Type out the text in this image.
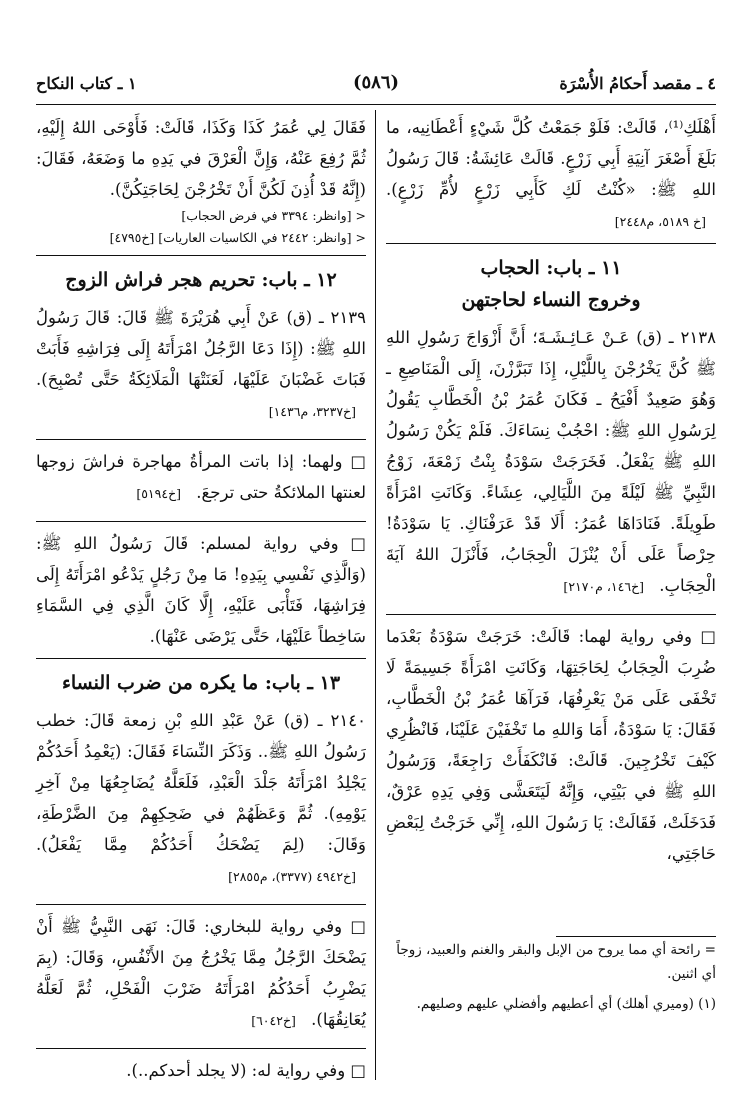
٤ ـ مقصد أَحكامُ الأُسْرَة
(٥٨٦)
١ ـ كتاب النكاح

أَهْلَكِ⁽¹⁾، قَالَتْ: فَلَوْ جَمَعْتُ كُلَّ شَيْءٍ أَعْطَانِيه، ما بَلَغَ أَصْغَرَ آنِيَةِ أَبِي زَرْعٍ. قَالَتْ عَائِشَةُ: قَالَ رَسُولُ اللهِ ﷺ: «كُنْتُ لَكِ كَأَبِي زَرْعٍ لأُمِّ زَرْعٍ). [خ ٥١٨٩، م٢٤٤٨]

١١ ـ باب: الحجاب
وخروج النساء لحاجتهن

٢١٣٨ ـ (ق) عَـنْ عَـائِـشَـةَ؛ أَنَّ أَزْوَاجَ رَسُولِ اللهِ ﷺ كُنَّ يَخْرُجْنَ بِاللَّيْلِ، إِذَا تَبَرَّزْنَ، إِلَى الْمَنَاصِعِ ـ وَهُوَ صَعِيدٌ أَفْيَحُ ـ فَكَانَ عُمَرُ بْنُ الْخَطَّابِ يَقُولُ لِرَسُولِ اللهِ ﷺ: احْجُبْ نِسَاءَكَ. فَلَمْ يَكُنْ رَسُولُ اللهِ ﷺ يَفْعَلُ. فَخَرَجَتْ سَوْدَةُ بِنْتُ زَمْعَةَ، زَوْجُ النَّبِيِّ ﷺ لَيْلَةً مِنَ اللَّيَالِي، عِشَاءً. وَكَانَتِ امْرَأَةً طَوِيلَةً. فَنَادَاهَا عُمَرُ: أَلَا قَدْ عَرَفْنَاكِ. يَا سَوْدَةُ! حِرْصاً عَلَى أَنْ يُنْزَلَ الْحِجَابُ، فَأَنْزَلَ اللهُ آيَةَ الْحِجَابِ. [خ١٤٦، م٢١٧٠]

□ وفي رواية لهما: قَالَتْ: خَرَجَتْ سَوْدَةُ بَعْدَما ضُرِبَ الْحِجَابُ لِحَاجَتِهَا، وَكَانَتِ امْرَأَةً جَسِيمَةً لَا تَخْفَى عَلَى مَنْ يَعْرِفُهَا، فَرَآهَا عُمَرُ بْنُ الْخَطَّابِ، فَقَالَ: يَا سَوْدَةُ، أَمَا وَاللهِ ما تَخْفَيْنَ عَلَيْنَا، فَانْظُرِي كَيْفَ تَخْرُجِينَ. قَالَتْ: فَانْكَفَأَتْ رَاجِعَةً، وَرَسُولُ اللهِ ﷺ في بَيْتِي، وَإِنَّهُ لَيَتَعَشَّى وَفِي يَدِهِ عَرْقٌ، فَدَخَلَتْ، فَقَالَتْ: يَا رَسُولَ اللهِ، إِنِّي خَرَجْتُ لِبَعْضِ حَاجَتِي،

فَقَالَ لِي عُمَرُ كَذَا وَكَذَا، قَالَتْ: فَأَوْحَى اللهُ إِلَيْهِ، ثُمَّ رُفِعَ عَنْهُ، وَإِنَّ الْعَرْقَ في يَدِهِ ما وَضَعَهُ، فَقَالَ: (إِنَّهُ قَدْ أُذِنَ لَكُنَّ أَنْ تَخْرُجْنَ لِحَاجَتِكُنَّ).

< [وانظر: ٣٣٩٤ في فرض الحجاب]
< [وانظر: ٢٤٤٢ في الكاسيات العاريات] [خ٤٧٩٥]
١٢ ـ باب: تحريم هجر فراش الزوج

٢١٣٩ ـ (ق) عَنْ أَبِي هُرَيْرَةَ ﷺ قَالَ: قَالَ رَسُولُ اللهِ ﷺ: (إِذَا دَعَا الرَّجُلُ امْرَأَتَهُ إِلَى فِرَاشِهِ فَأَبَتْ فَبَاتَ غَضْبَانَ عَلَيْهَا، لَعَنَتْهَا الْمَلَائِكَةُ حَتَّى تُصْبِحَ). [خ٣٢٣٧، م١٤٣٦]

□ ولهما: إذا باتت المرأةُ مهاجرة فراشَ زوجها لعنتها الملائكةُ حتى ترجعَ. [خ٥١٩٤]

□ وفي رواية لمسلم: قَالَ رَسُولُ اللهِ ﷺ: (وَالَّذِي نَفْسِي بِيَدِهِ! مَا مِنْ رَجُلٍ يَدْعُو امْرَأَتَهُ إِلَى فِرَاشِهَا، فَتَأْبَى عَلَيْهِ، إِلَّا كَانَ الَّذِي فِي السَّمَاءِ سَاخِطاً عَلَيْهَا، حَتَّى يَرْضَى عَنْهَا).

١٣ ـ باب: ما يكره من ضرب النساء

٢١٤٠ ـ (ق) عَنْ عَبْدِ اللهِ بْنِ زمعة قَالَ: خطب رَسُولُ اللهِ ﷺ.. وَذَكَرَ النِّسَاءَ فَقَالَ: (يَعْمِدُ أَحَدُكُمْ يَجْلِدُ امْرَأَتَهُ جَلْدَ الْعَبْدِ، فَلَعَلَّهُ يُضَاجِعُهَا مِنْ آخِرِ يَوْمِهِ). ثُمَّ وَعَظَهُمْ في ضَحِكِهِمْ مِنَ الضَّرْطَةِ، وَقَالَ: (لِمَ يَضْحَكُ أَحَدُكُمْ مِمَّا يَفْعَلُ). [خ٤٩٤٢ (٣٣٧٧)، م٢٨٥٥]

□ وفي رواية للبخاري: قَالَ: نَهَى النَّبِيُّ ﷺ أَنْ يَضْحَكَ الرَّجُلُ مِمَّا يَخْرُجُ مِنَ الأَنْفُسِ، وَقَالَ: (بِمَ يَضْرِبُ أَحَدُكُمُ امْرَأَتَهُ ضَرْبَ الْفَحْلِ، ثُمَّ لَعَلَّهُ يُعَانِقُهَا). [خ٦٠٤٢]

□ وفي رواية له: (لا يجلد أحدكم..).

= رائحة أي مما يروح من الإبل والبقر والغنم والعبيد، زوجاً أي اثنين.
(١) (وميري أهلك) أي أعطيهم وأفضلي عليهم وصليهم.
